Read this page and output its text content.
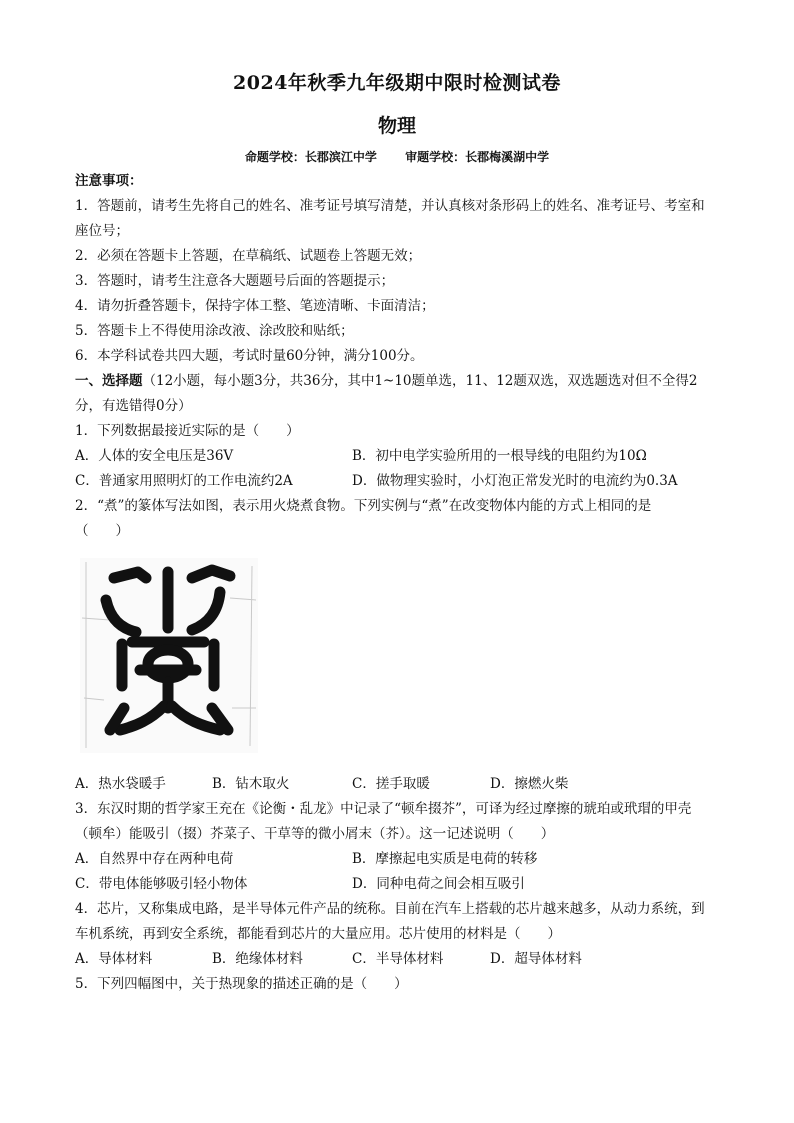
2024年秋季九年级期中限时检测试卷
物理
命题学校：长郡滨江中学 审题学校：长郡梅溪湖中学
注意事项：
1．答题前，请考生先将自己的姓名、准考证号填写清楚，并认真核对条形码上的姓名、准考证号、考室和
座位号；
2．必须在答题卡上答题，在草稿纸、试题卷上答题无效；
3．答题时，请考生注意各大题题号后面的答题提示；
4．请勿折叠答题卡，保持字体工整、笔迹清晰、卡面清洁；
5．答题卡上不得使用涂改液、涂改胶和贴纸；
6．本学科试卷共四大题，考试时量60分钟，满分100分。
一、选择题（12小题，每小题3分，共36分，其中1~10题单选，11、12题双选，双选题选对但不全得2
分，有选错得0分）
1．下列数据最接近实际的是（　　）
A．人体的安全电压是36V	B．初中电学实验所用的一根导线的电阻约为10Ω
C．普通家用照明灯的工作电流约2A	D．做物理实验时，小灯泡正常发光时的电流约为0.3A
2．“煮”的篆体写法如图，表示用火烧煮食物。下列实例与“煮”在改变物体内能的方式上相同的是
（　　）
A．热水袋暖手	B．钻木取火	C．搓手取暖	D．擦燃火柴
3．东汉时期的哲学家王充在《论衡・乱龙》中记录了“顿牟掇芥”，可译为经过摩擦的琥珀或玳瑁的甲壳
（顿牟）能吸引（掇）芥菜子、干草等的微小屑末（芥）。这一记述说明（　　）
A．自然界中存在两种电荷	B．摩擦起电实质是电荷的转移
C．带电体能够吸引轻小物体	D．同种电荷之间会相互吸引
4．芯片，又称集成电路，是半导体元件产品的统称。目前在汽车上搭载的芯片越来越多，从动力系统，到
车机系统，再到安全系统，都能看到芯片的大量应用。芯片使用的材料是（　　）
A．导体材料	B．绝缘体材料	C．半导体材料	D．超导体材料
5．下列四幅图中，关于热现象的描述正确的是（　　）
